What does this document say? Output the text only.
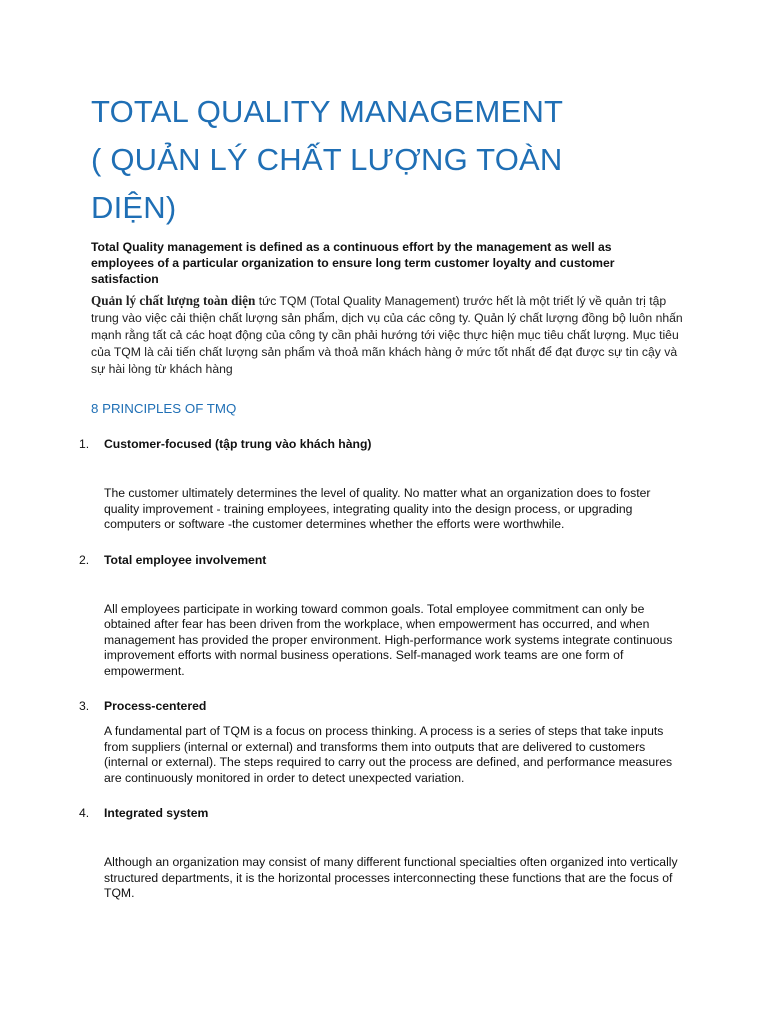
TOTAL QUALITY MANAGEMENT
( QUẢN LÝ CHẤT LƯỢNG TOÀN
DIỆN)

Total Quality management is defined as a continuous effort by the management as well as employees of a particular organization to ensure long term customer loyalty and customer satisfaction

Quản lý chất lượng toàn diện tức TQM (Total Quality Management) trước hết là một triết lý về quản trị tập trung vào việc cải thiện chất lượng sản phẩm, dịch vụ của các công ty. Quản lý chất lượng đồng bộ luôn nhấn mạnh rằng tất cả các hoạt động của công ty cần phải hướng tới việc thực hiện mục tiêu chất lượng. Mục tiêu của TQM là cải tiến chất lượng sản phẩm và thoả mãn khách hàng ở mức tốt nhất để đạt được sự tin cậy và sự hài lòng từ khách hàng

8 PRINCIPLES OF TMQ
1. Customer-focused (tập trung vào khách hàng)
The customer ultimately determines the level of quality. No matter what an organization does to foster quality improvement - training employees, integrating quality into the design process, or upgrading computers or software -the customer determines whether the efforts were worthwhile.
2. Total employee involvement
All employees participate in working toward common goals. Total employee commitment can only be obtained after fear has been driven from the workplace, when empowerment has occurred, and when management has provided the proper environment. High-performance work systems integrate continuous improvement efforts with normal business operations. Self-managed work teams are one form of empowerment.
3. Process-centered
A fundamental part of TQM is a focus on process thinking. A process is a series of steps that take inputs from suppliers (internal or external) and transforms them into outputs that are delivered to customers (internal or external). The steps required to carry out the process are defined, and performance measures are continuously monitored in order to detect unexpected variation.
4. Integrated system
Although an organization may consist of many different functional specialties often organized into vertically structured departments, it is the horizontal processes interconnecting these functions that are the focus of TQM.
